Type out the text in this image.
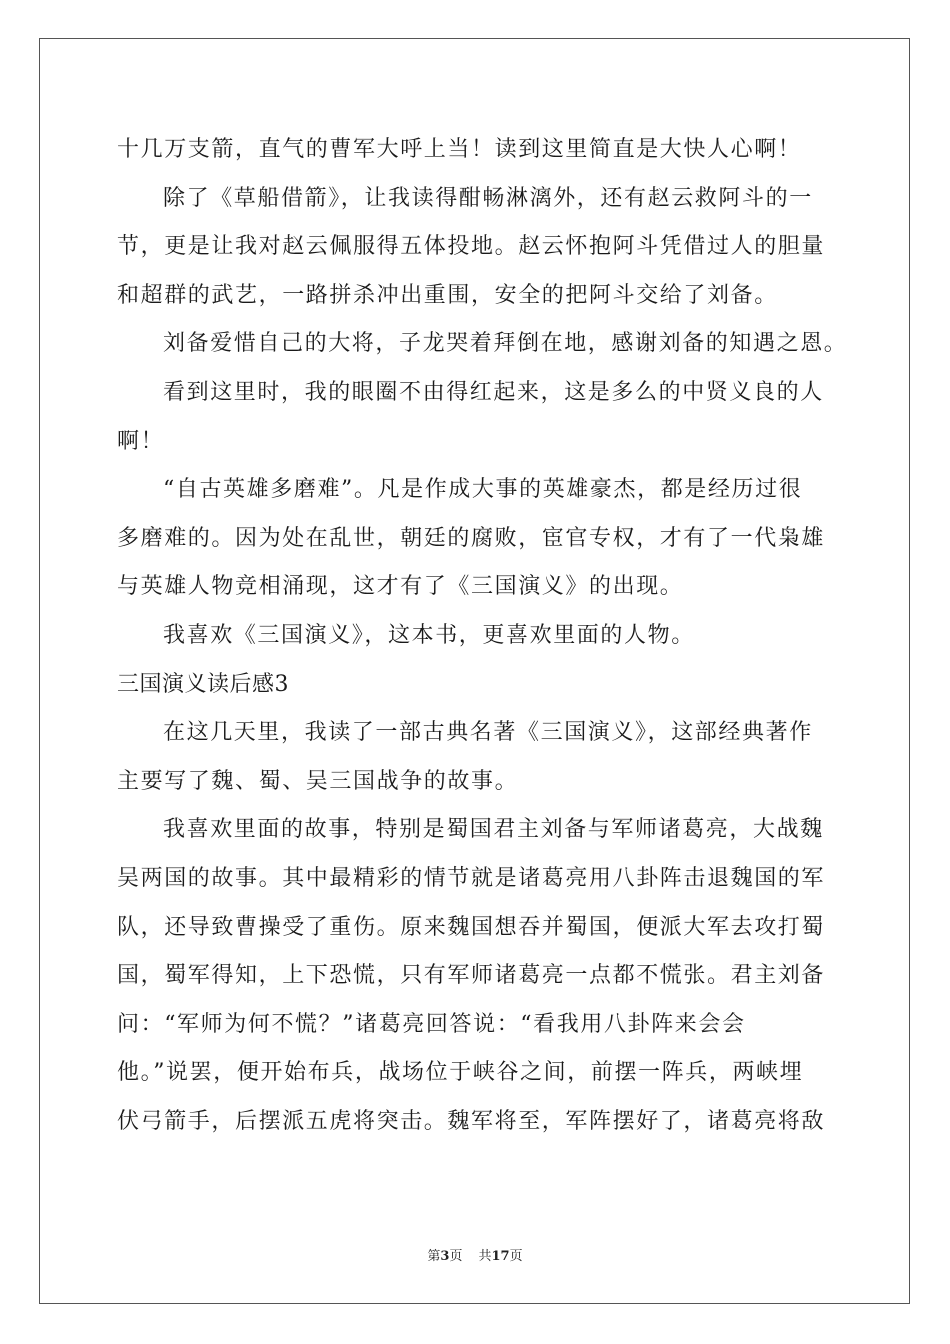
十几万支箭，直气的曹军大呼上当！读到这里简直是大快人心啊！
除了《草船借箭》，让我读得酣畅淋漓外，还有赵云救阿斗的一
节，更是让我对赵云佩服得五体投地。赵云怀抱阿斗凭借过人的胆量
和超群的武艺，一路拼杀冲出重围，安全的把阿斗交给了刘备。
刘备爱惜自己的大将，子龙哭着拜倒在地，感谢刘备的知遇之恩。
看到这里时，我的眼圈不由得红起来，这是多么的中贤义良的人
啊！
“自古英雄多磨难”。凡是作成大事的英雄豪杰，都是经历过很
多磨难的。因为处在乱世，朝廷的腐败，宦官专权，才有了一代枭雄
与英雄人物竞相涌现，这才有了《三国演义》的出现。
我喜欢《三国演义》，这本书，更喜欢里面的人物。
三国演义读后感3
在这几天里，我读了一部古典名著《三国演义》，这部经典著作
主要写了魏、蜀、吴三国战争的故事。
我喜欢里面的故事，特别是蜀国君主刘备与军师诸葛亮，大战魏
吴两国的故事。其中最精彩的情节就是诸葛亮用八卦阵击退魏国的军
队，还导致曹操受了重伤。原来魏国想吞并蜀国，便派大军去攻打蜀
国，蜀军得知，上下恐慌，只有军师诸葛亮一点都不慌张。君主刘备
问：“军师为何不慌？”诸葛亮回答说：“看我用八卦阵来会会
他。”说罢，便开始布兵，战场位于峡谷之间，前摆一阵兵，两峡埋
伏弓箭手，后摆派五虎将突击。魏军将至，军阵摆好了，诸葛亮将敌
第3页 共17页
